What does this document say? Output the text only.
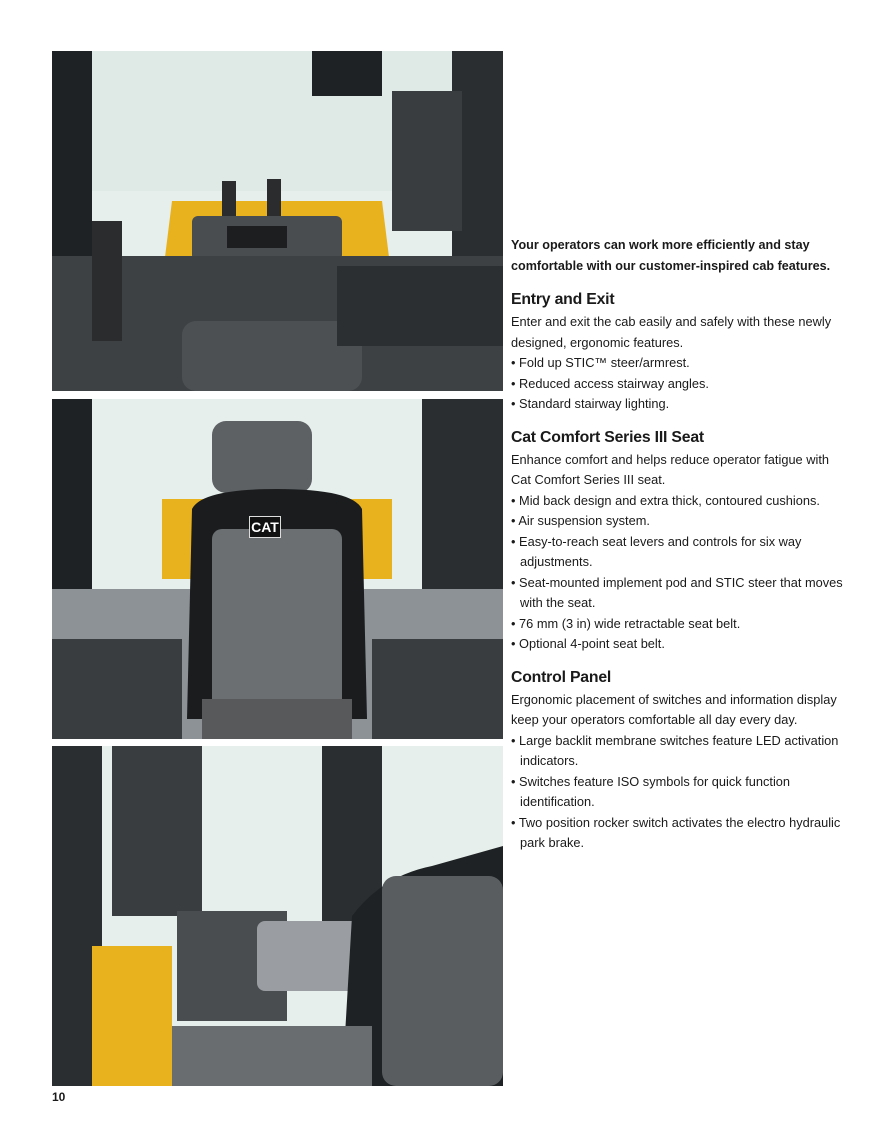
CAT

Your operators can work more efficiently and stay comfortable with our customer-inspired cab features.

Entry and Exit

Enter and exit the cab easily and safely with these newly designed, ergonomic features.

• Fold up STIC™ steer/armrest.
• Reduced access stairway angles.
• Standard stairway lighting.
Cat Comfort Series III Seat

Enhance comfort and helps reduce operator fatigue with Cat Comfort Series III seat.

• Mid back design and extra thick, contoured cushions.
• Air suspension system.
• Easy-to-reach seat levers and controls for six way adjustments.
• Seat-mounted implement pod and STIC steer that moves with the seat.
• 76 mm (3 in) wide retractable seat belt.
• Optional 4-point seat belt.
Control Panel

Ergonomic placement of switches and information display keep your operators comfortable all day every day.

• Large backlit membrane switches feature LED activation indicators.
• Switches feature ISO symbols for quick function identification.
• Two position rocker switch activates the electro hydraulic park brake.
10
